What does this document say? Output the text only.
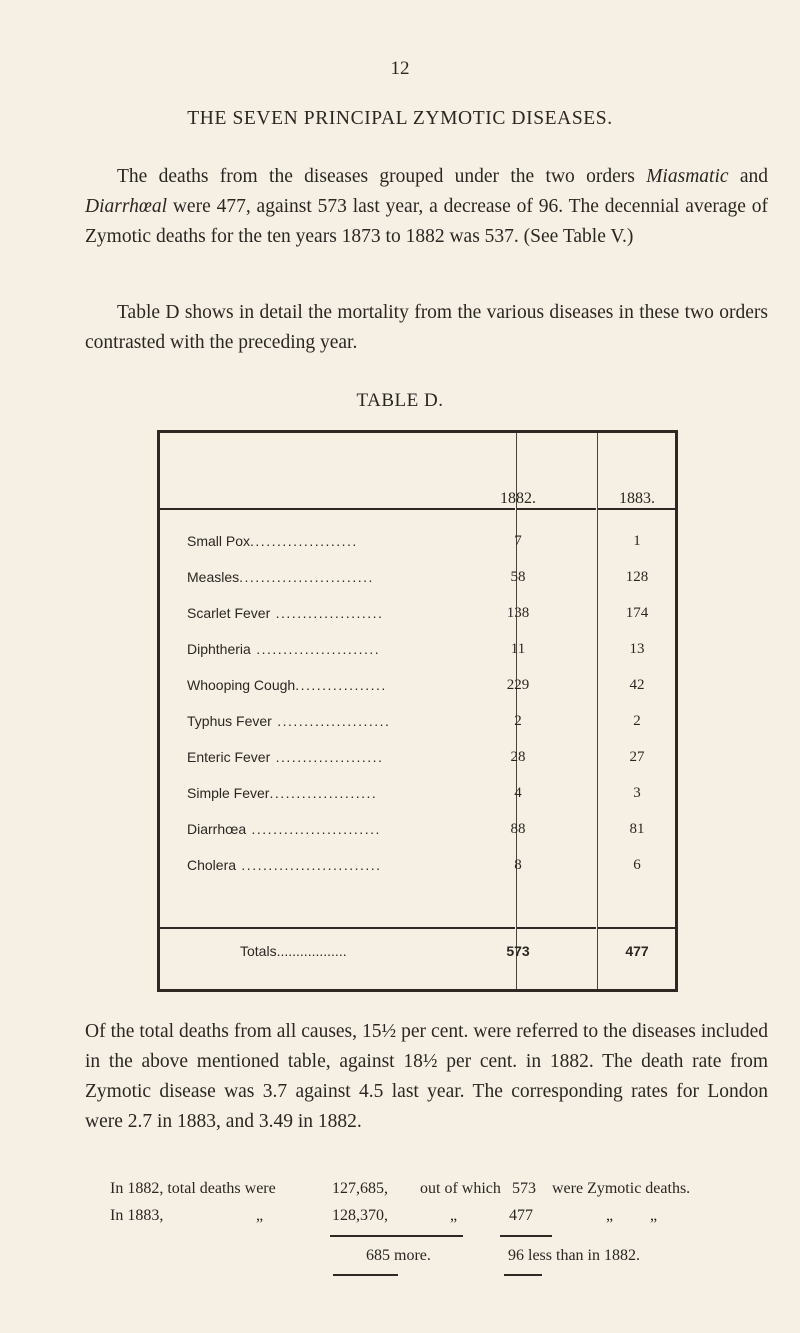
12
THE SEVEN PRINCIPAL ZYMOTIC DISEASES.

The deaths from the diseases grouped under the two orders Miasmatic and Diarrhœal were 477, against 573 last year, a decrease of 96. The decennial average of Zymotic deaths for the ten years 1873 to 1882 was 537. (See Table V.)

Table D shows in detail the mortality from the various diseases in these two orders contrasted with the preceding year.

TABLE D.
1882.	1883.
Small Pox....................	7	1
Measles.........................	58	128
Scarlet Fever ....................	138	174
Diphtheria .......................	11	13
Whooping Cough.................	229	42
Typhus Fever .....................	2	2
Enteric Fever ....................	28	27
Simple Fever....................	4	3
Diarrhœa ........................	88	81
Cholera ..........................	8	6
Totals..................	573	477

Of the total deaths from all causes, 15½ per cent. were referred to the diseases included in the above mentioned table, against 18½ per cent. in 1882. The death rate from Zymotic disease was 3.7 against 4.5 last year. The corresponding rates for London were 2.7 in 1883, and 3.49 in 1882.

In 1882, total deaths were	127,685, out of which 573 were Zymotic deaths.
In 1883,	„	128,370,	„	477	„ „
685 more.	96 less than in 1882.
